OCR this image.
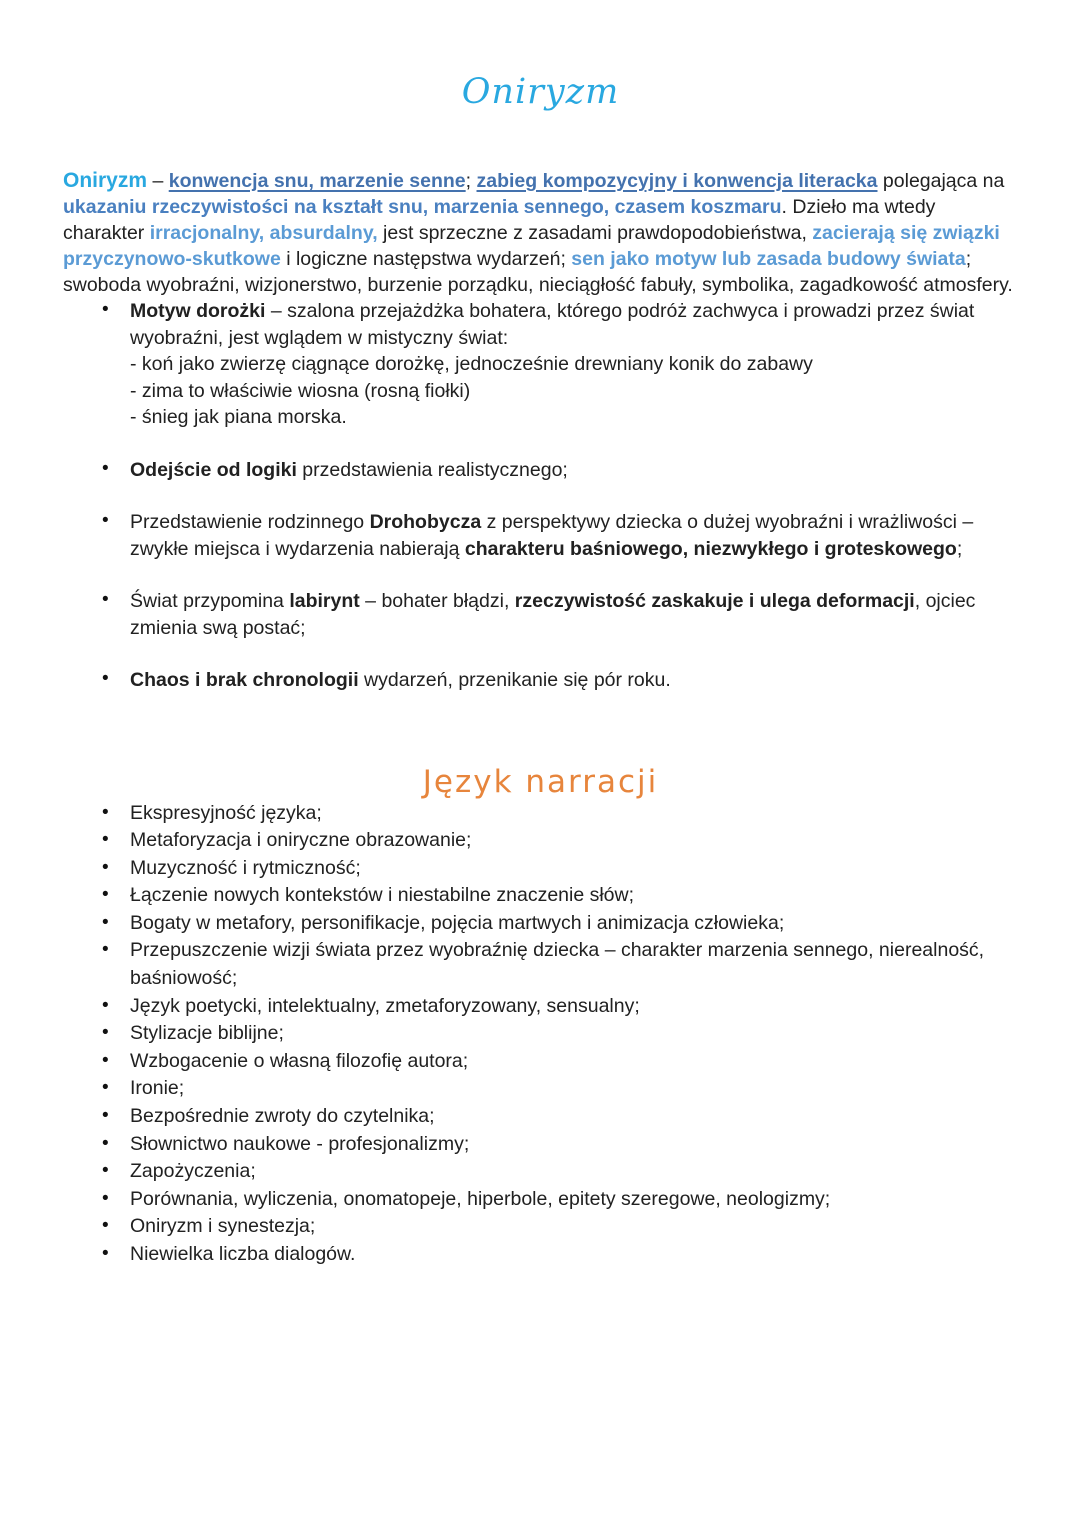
Oniryzm

Oniryzm – konwencja snu, marzenie senne; zabieg kompozycyjny i konwencja literacka polegająca na ukazaniu rzeczywistości na kształt snu, marzenia sennego, czasem koszmaru. Dzieło ma wtedy charakter irracjonalny, absurdalny, jest sprzeczne z zasadami prawdopodobieństwa, zacierają się związki przyczynowo-skutkowe i logiczne następstwa wydarzeń; sen jako motyw lub zasada budowy świata; swoboda wyobraźni, wizjonerstwo, burzenie porządku, nieciągłość fabuły, symbolika, zagadkowość atmosfery.

• Motyw dorożki – szalona przejażdżka bohatera, którego podróż zachwyca i prowadzi przez świat wyobraźni, jest wglądem w mistyczny świat:
- koń jako zwierzę ciągnące dorożkę, jednocześnie drewniany konik do zabawy
- zima to właściwie wiosna (rosną fiołki)
- śnieg jak piana morska.
• Odejście od logiki przedstawienia realistycznego;
• Przedstawienie rodzinnego Drohobycza z perspektywy dziecka o dużej wyobraźni i wrażliwości – zwykłe miejsca i wydarzenia nabierają charakteru baśniowego, niezwykłego i groteskowego;
• Świat przypomina labirynt – bohater błądzi, rzeczywistość zaskakuje i ulega deformacji, ojciec zmienia swą postać;
• Chaos i brak chronologii wydarzeń, przenikanie się pór roku.
Język narracji
• Ekspresyjność języka;
• Metaforyzacja i oniryczne obrazowanie;
• Muzyczność i rytmiczność;
• Łączenie nowych kontekstów i niestabilne znaczenie słów;
• Bogaty w metafory, personifikacje, pojęcia martwych i animizacja człowieka;
• Przepuszczenie wizji świata przez wyobraźnię dziecka – charakter marzenia sennego, nierealność, baśniowość;
• Język poetycki, intelektualny, zmetaforyzowany, sensualny;
• Stylizacje biblijne;
• Wzbogacenie o własną filozofię autora;
• Ironie;
• Bezpośrednie zwroty do czytelnika;
• Słownictwo naukowe - profesjonalizmy;
• Zapożyczenia;
• Porównania, wyliczenia, onomatopeje, hiperbole, epitety szeregowe, neologizmy;
• Oniryzm i synestezja;
• Niewielka liczba dialogów.
